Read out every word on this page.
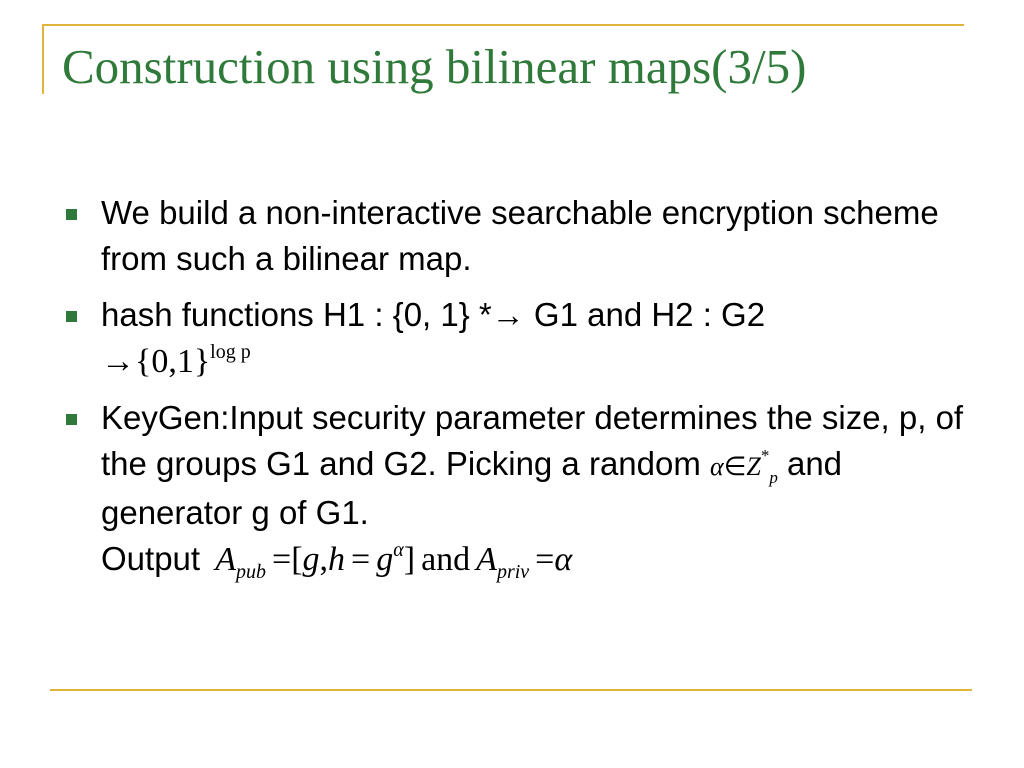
Construction using bilinear maps(3/5)
We build a non-interactive searchable encryption scheme from such a bilinear map.
hash functions H1 : {0, 1} *→ G1 and H2 : G2
$\to\{0,1\}^{log p}$
KeyGen:Input security parameter determines the size, p, of the groups G1 and G2. Picking a random $\alpha\in Z^*_p$ and generator g of G1.
Output $A_{pub} =[g,h = g^\alpha]$ and $A_{priv} =\alpha$
